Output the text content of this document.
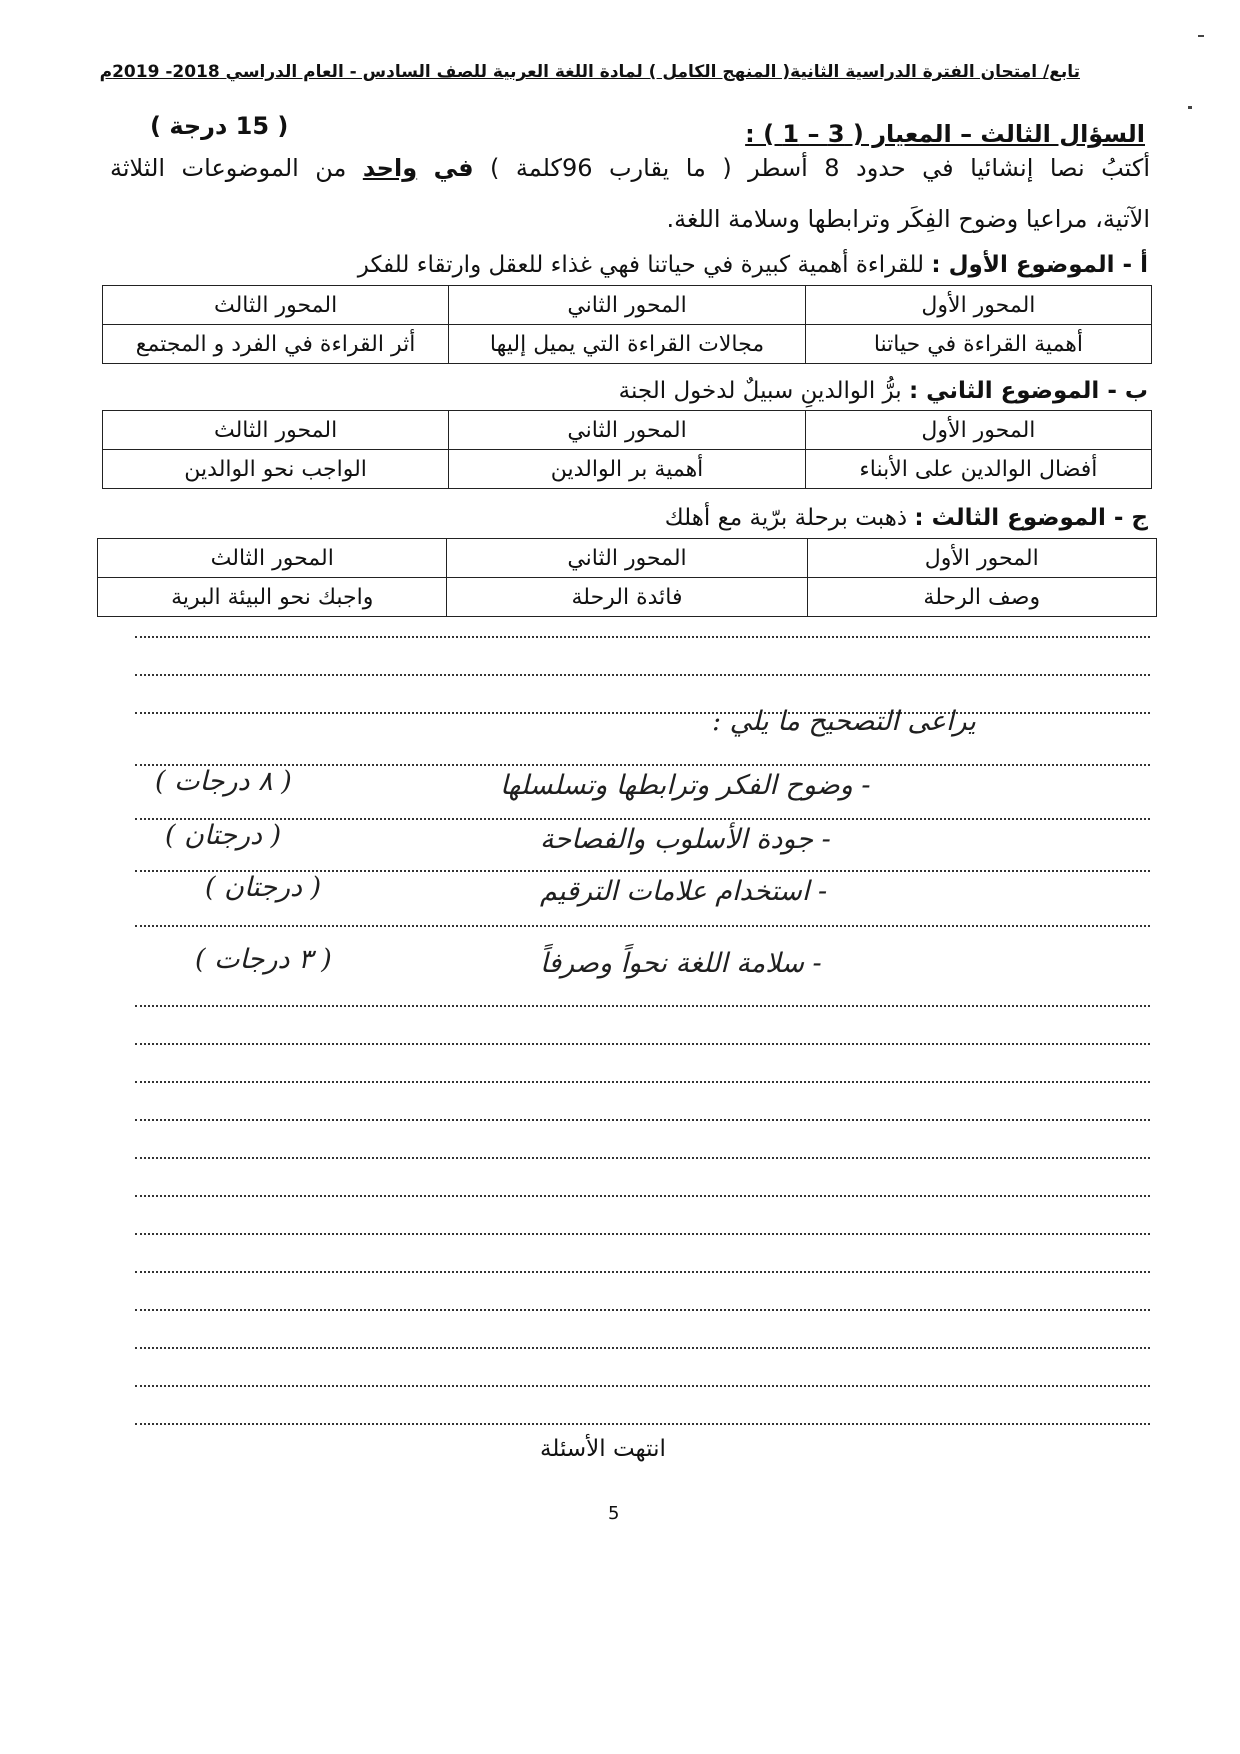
تابع/ امتحان الفترة الدراسية الثانية( المنهج الكامل ) لمادة اللغة العربية للصف السادس - العام الدراسي 2018- 2019م
السؤال الثالث – المعيار ( 3 – 1 ) :
( 15 درجة )
أكتبُ نصا إنشائيا في حدود 8 أسطر ( ما يقارب 96كلمة ) في واحد من الموضوعات الثلاثة
الآتية، مراعيا وضوح الفِكَر وترابطها وسلامة اللغة.
أ - الموضوع الأول : للقراءة أهمية كبيرة في حياتنا فهي غذاء للعقل وارتقاء للفكر
المحور الأول	المحور الثاني	المحور الثالث
أهمية القراءة في حياتنا	مجالات القراءة التي يميل إليها	أثر القراءة في الفرد و المجتمع
ب - الموضوع الثاني : برُّ الوالدينِ سبيلٌ لدخول الجنة
المحور الأول	المحور الثاني	المحور الثالث
أفضال الوالدين على الأبناء	أهمية بر الوالدين	الواجب نحو الوالدين
ج - الموضوع الثالث : ذهبت برحلة برّية مع أهلك
المحور الأول	المحور الثاني	المحور الثالث
وصف الرحلة	فائدة الرحلة	واجبك نحو البيئة البرية
يراعى التصحيح ما يلي :
- وضوح الفكر وترابطها وتسلسلها
( ٨ درجات )
- جودة الأسلوب والفصاحة
( درجتان )
- استخدام علامات الترقيم
( درجتان )
- سلامة اللغة نحواً وصرفاً
( ٣ درجات )
انتهت الأسئلة
5
